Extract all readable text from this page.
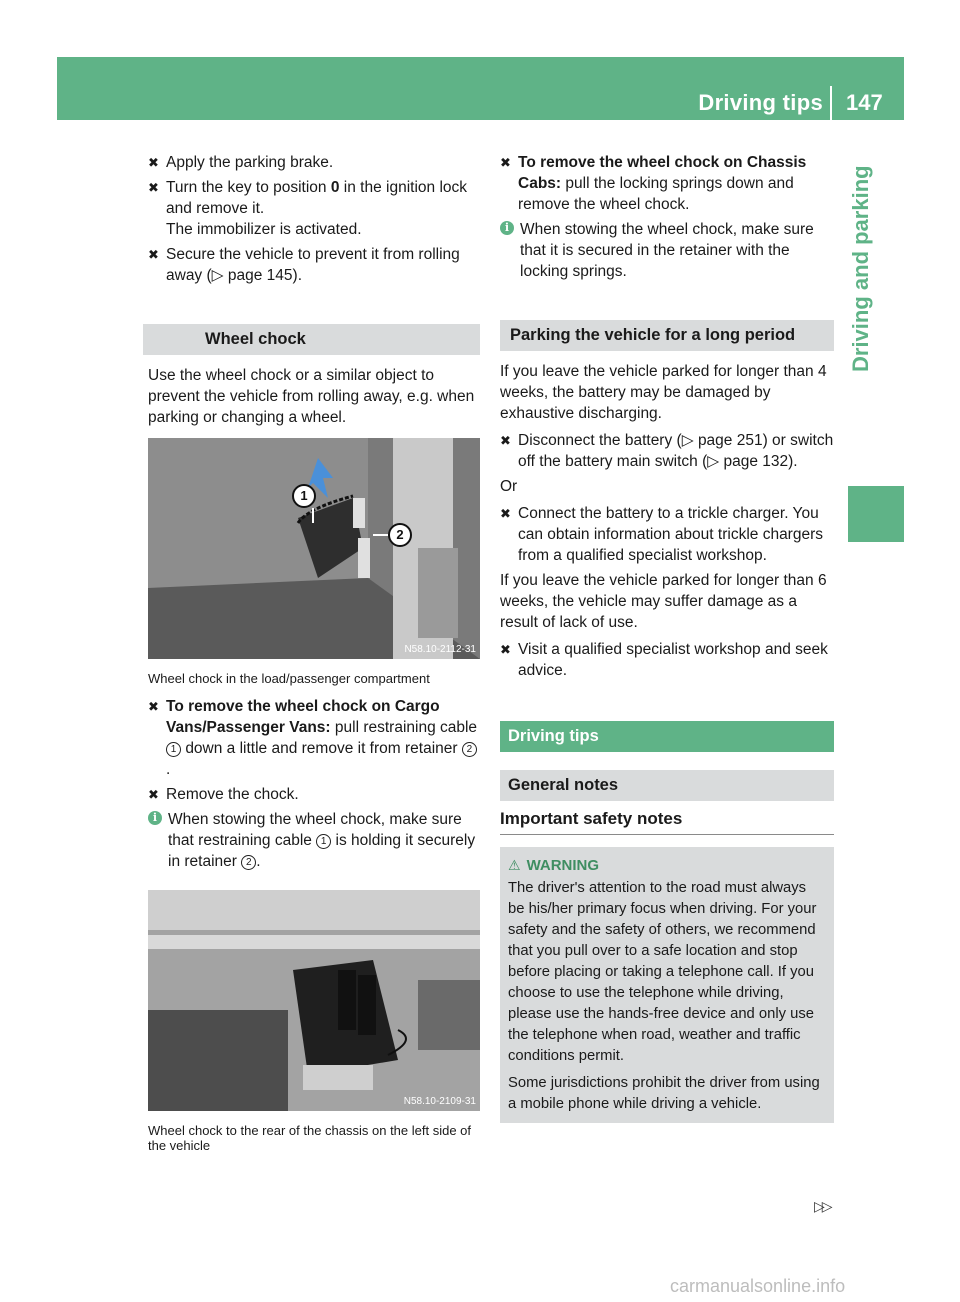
Driving tips 147
Driving and parking
✖ Apply the parking brake.
✖ Turn the key to position 0 in the ignition lock and remove it.
The immobilizer is activated.
✖ Secure the vehicle to prevent it from rolling away (▷ page 145).
Wheel chock
Use the wheel chock or a similar object to prevent the vehicle from rolling away, e.g. when parking or changing a wheel.
1
2
N58.10-2112-31
Wheel chock in the load/passenger compartment
✖ To remove the wheel chock on Cargo Vans/Passenger Vans: pull restraining cable 1 down a little and remove it from retainer 2.
✖ Remove the chock.
i When stowing the wheel chock, make sure that restraining cable 1 is holding it securely in retainer 2 .
N58.10-2109-31
Wheel chock to the rear of the chassis on the left side of the vehicle
✖ To remove the wheel chock on Chassis Cabs: pull the locking springs down and remove the wheel chock.
i When stowing the wheel chock, make sure that it is secured in the retainer with the locking springs.
Parking the vehicle for a long period
If you leave the vehicle parked for longer than 4 weeks, the battery may be damaged by exhaustive discharging.
✖ Disconnect the battery (▷ page 251) or switch off the battery main switch (▷ page 132).
Or
✖ Connect the battery to a trickle charger. You can obtain information about trickle chargers from a qualified specialist workshop.
If you leave the vehicle parked for longer than 6 weeks, the vehicle may suffer damage as a result of lack of use.
✖ Visit a qualified specialist workshop and seek advice.
Driving tips
General notes
Important safety notes
⚠ WARNING
The driver's attention to the road must always be his/her primary focus when driving. For your safety and the safety of others, we recommend that you pull over to a safe location and stop before placing or taking a telephone call. If you choose to use the telephone while driving, please use the hands-free device and only use the telephone when road, weather and traffic conditions permit.
Some jurisdictions prohibit the driver from using a mobile phone while driving a vehicle.
▷▷
carmanualsonline.info
